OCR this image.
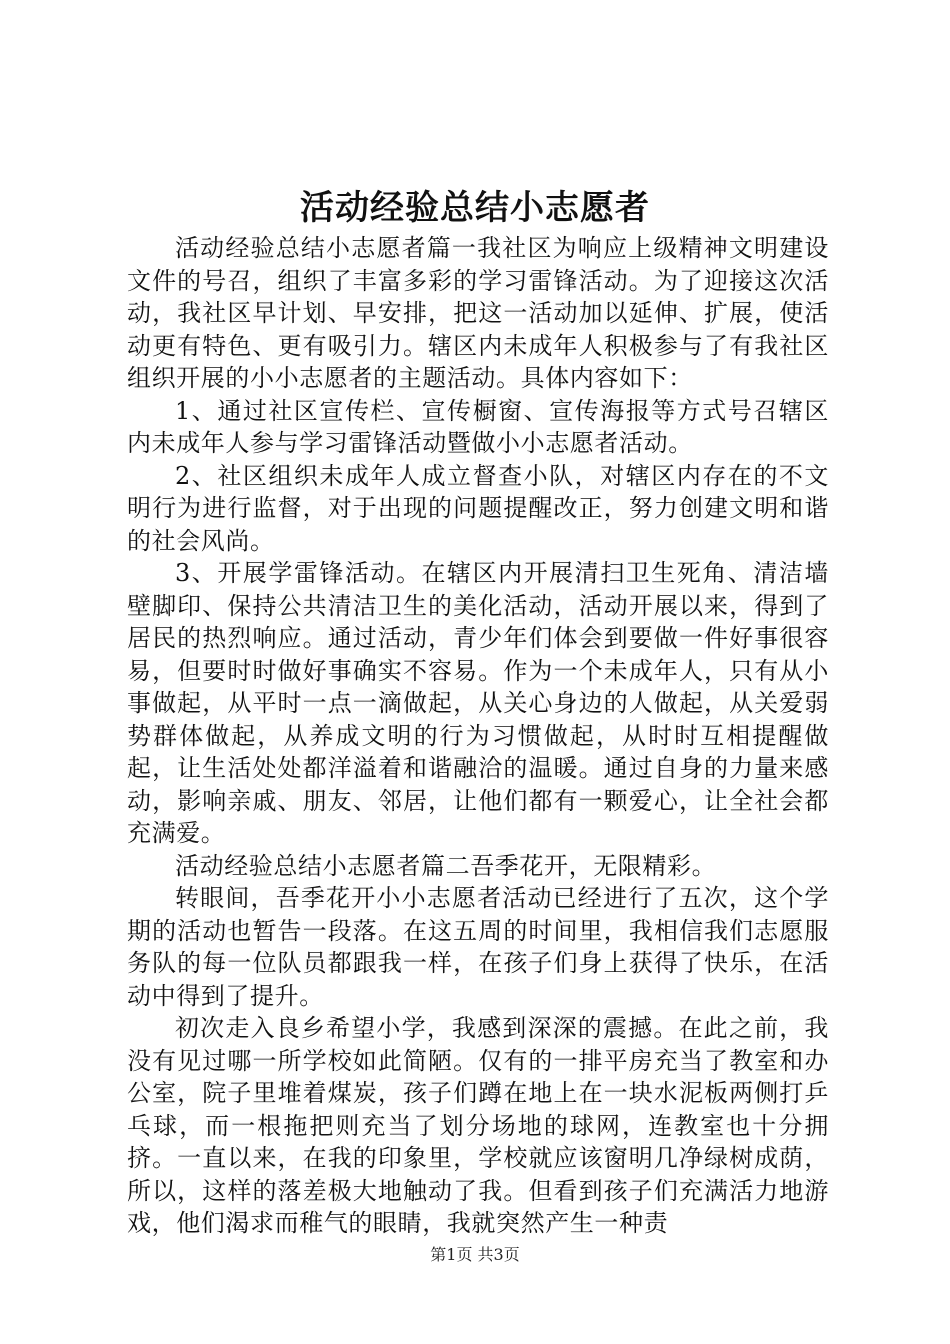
活动经验总结小志愿者

活动经验总结小志愿者篇一我社区为响应上级精神文明建设文件的号召，组织了丰富多彩的学习雷锋活动。为了迎接这次活动，我社区早计划、早安排，把这一活动加以延伸、扩展，使活动更有特色、更有吸引力。辖区内未成年人积极参与了有我社区组织开展的小小志愿者的主题活动。具体内容如下：

1、通过社区宣传栏、宣传橱窗、宣传海报等方式号召辖区内未成年人参与学习雷锋活动暨做小小志愿者活动。

2、社区组织未成年人成立督查小队，对辖区内存在的不文明行为进行监督，对于出现的问题提醒改正，努力创建文明和谐的社会风尚。

3、开展学雷锋活动。在辖区内开展清扫卫生死角、清洁墙壁脚印、保持公共清洁卫生的美化活动，活动开展以来，得到了居民的热烈响应。通过活动，青少年们体会到要做一件好事很容易，但要时时做好事确实不容易。作为一个未成年人，只有从小事做起，从平时一点一滴做起，从关心身边的人做起，从关爱弱势群体做起，从养成文明的行为习惯做起，从时时互相提醒做起，让生活处处都洋溢着和谐融洽的温暖。通过自身的力量来感动，影响亲戚、朋友、邻居，让他们都有一颗爱心，让全社会都充满爱。

活动经验总结小志愿者篇二吾季花开，无限精彩。

转眼间，吾季花开小小志愿者活动已经进行了五次，这个学期的活动也暂告一段落。在这五周的时间里，我相信我们志愿服务队的每一位队员都跟我一样，在孩子们身上获得了快乐，在活动中得到了提升。

初次走入良乡希望小学，我感到深深的震撼。在此之前，我没有见过哪一所学校如此简陋。仅有的一排平房充当了教室和办公室，院子里堆着煤炭，孩子们蹲在地上在一块水泥板两侧打乒乓球，而一根拖把则充当了划分场地的球网，连教室也十分拥挤。一直以来，在我的印象里，学校就应该窗明几净绿树成荫，所以，这样的落差极大地触动了我。但看到孩子们充满活力地游戏，他们渴求而稚气的眼睛，我就突然产生一种责

第1页 共3页
